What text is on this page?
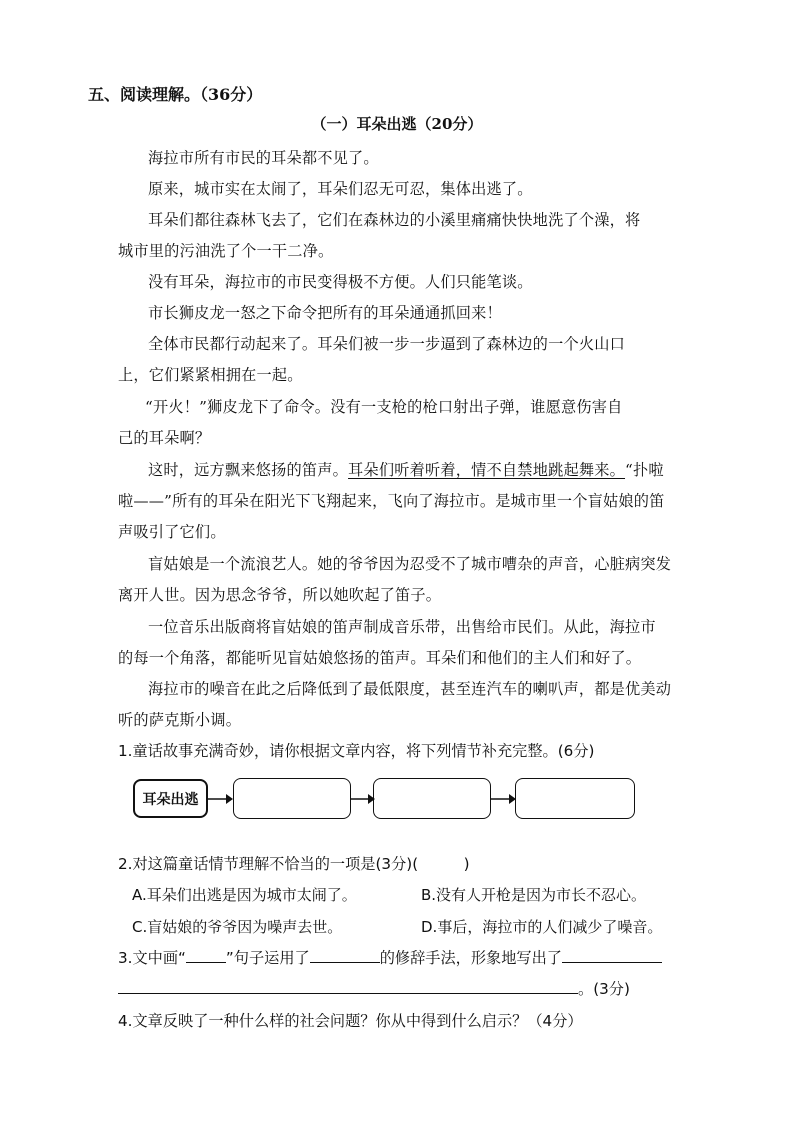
五、阅读理解。（36分）
（一）耳朵出逃（20分）
海拉市所有市民的耳朵都不见了。
原来，城市实在太闹了，耳朵们忍无可忍，集体出逃了。
耳朵们都往森林飞去了，它们在森林边的小溪里痛痛快快地洗了个澡，将
城市里的污油洗了个一干二净。
没有耳朵，海拉市的市民变得极不方便。人们只能笔谈。
市长狮皮龙一怒之下命令把所有的耳朵通通抓回来！
全体市民都行动起来了。耳朵们被一步一步逼到了森林边的一个火山口
上，它们紧紧相拥在一起。
“开火！”狮皮龙下了命令。没有一支枪的枪口射出子弹，谁愿意伤害自
己的耳朵啊？
这时，远方飘来悠扬的笛声。耳朵们听着听着，情不自禁地跳起舞来。“扑啦
啦——”所有的耳朵在阳光下飞翔起来，飞向了海拉市。是城市里一个盲姑娘的笛
声吸引了它们。
盲姑娘是一个流浪艺人。她的爷爷因为忍受不了城市嘈杂的声音，心脏病突发
离开人世。因为思念爷爷，所以她吹起了笛子。
一位音乐出版商将盲姑娘的笛声制成音乐带，出售给市民们。从此，海拉市
的每一个角落，都能听见盲姑娘悠扬的笛声。耳朵们和他们的主人们和好了。
海拉市的噪音在此之后降低到了最低限度，甚至连汽车的喇叭声，都是优美动
听的萨克斯小调。
1.童话故事充满奇妙，请你根据文章内容，将下列情节补充完整。(6分)
耳朵出逃
2.对这篇童话情节理解不恰当的一项是(3分)(　　　)
A.耳朵们出逃是因为城市太闹了。	B.没有人开枪是因为市长不忍心。
C.盲姑娘的爷爷因为噪声去世。	D.事后，海拉市的人们减少了噪音。
3.文中画“	”句子运用了	的修辞手法，形象地写出了
。(3分)
4.文章反映了一种什么样的社会问题？你从中得到什么启示？（4分）
